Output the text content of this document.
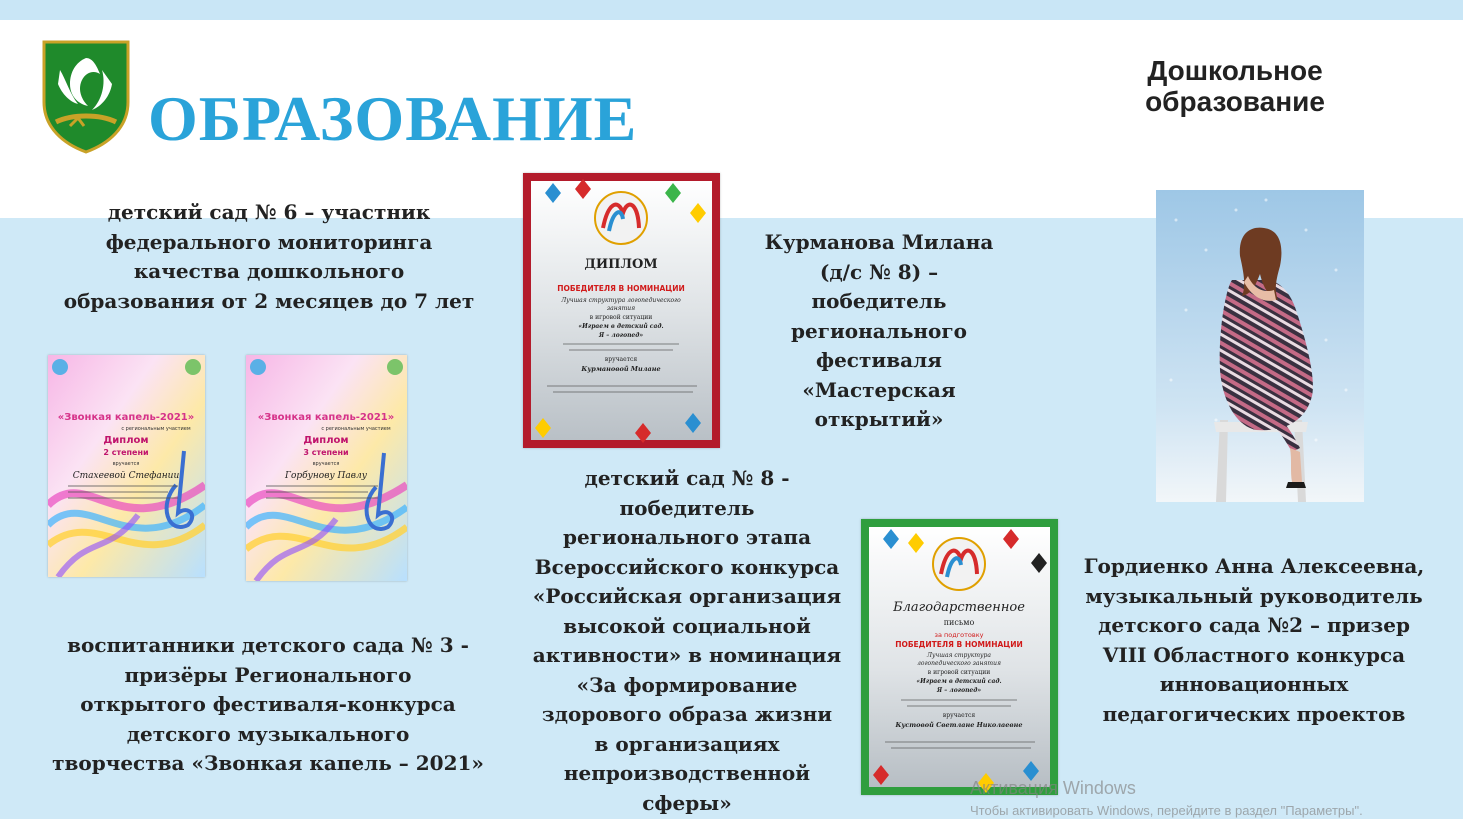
ОБРАЗОВАНИЕ
Дошкольное
образование

детский сад № 6 – участник
федерального мониторинга
качества дошкольного
образования от 2 месяцев до 7 лет

Курманова Милана
(д/с № 8) –
победитель
регионального
фестиваля
«Мастерская
открытий»

детский сад № 8 -
победитель
регионального этапа
Всероссийского конкурса
«Российская организация
высокой социальной
активности» в номинация
«За формирование
здорового образа жизни
в организациях
непроизводственной
сферы»

воспитанники детского сада № 3 -
призёры Регионального
открытого фестиваля-конкурса
детского музыкального
творчества «Звонкая капель – 2021»

Гордиенко Анна Алексеевна,
музыкальный руководитель
детского сада №2 – призер
VIII Областного конкурса
инновационных
педагогических проектов

«Звонкая капель-2021»
с региональным участием
Диплом
2 степени
вручается
Стахеевой Стефании
«Звонкая капель-2021»
с региональным участием
Диплом
3 степени
вручается
Горбунову Павлу
ДИПЛОМ
ПОБЕДИТЕЛЯ В НОМИНАЦИИ
Лучшая структура логопедического
занятия
в игровой ситуации
«Играем в детский сад.
Я – логопед»
вручается
Курмановой Милане
Благодарственное
письмо
за подготовку
ПОБЕДИТЕЛЯ В НОМИНАЦИИ
Лучшая структура
логопедического занятия
в игровой ситуации
«Играем в детский сад.
Я – логопед»
вручается
Кустовой Светлане Николаевне

Активация Windows

Чтобы активировать Windows, перейдите в раздел "Параметры".
